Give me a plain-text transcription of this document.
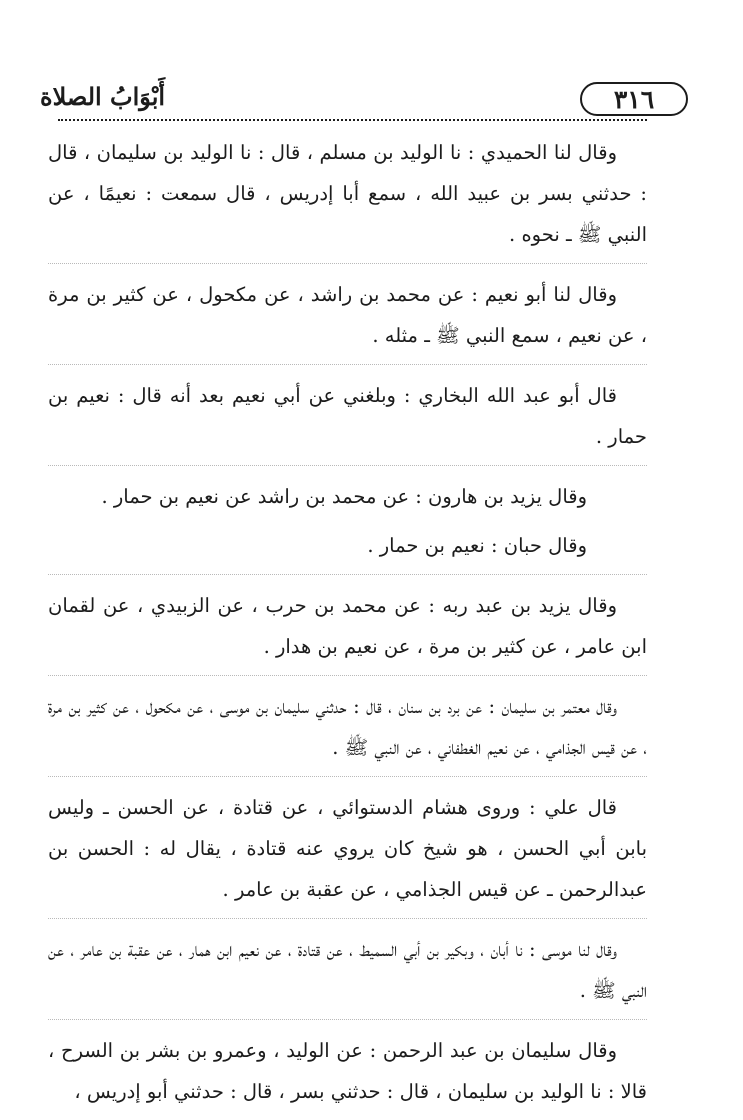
٣١٦
أَبْوَابُ الصلاة

وقال لنا الحميدي : نا الوليد بن مسلم ، قال : نا الوليد بن سليمان ، قال : حدثني بسر بن عبيد الله ، سمع أبا إدريس ، قال سمعت : نعيمًا ، عن النبي ﷺ ـ نحوه .

وقال لنا أبو نعيم : عن محمد بن راشد ، عن مكحول ، عن كثير بن مرة ، عن نعيم ، سمع النبي ﷺ ـ مثله .

قال أبو عبد الله البخاري : وبلغني عن أبي نعيم بعد أنه قال : نعيم بن حمار .

وقال يزيد بن هارون : عن محمد بن راشد عن نعيم بن حمار .

وقال حبان : نعيم بن حمار .

وقال يزيد بن عبد ربه : عن محمد بن حرب ، عن الزبيدي ، عن لقمان ابن عامر ، عن كثير بن مرة ، عن نعيم بن هدار .

وقال معتمر بن سليمان : عن برد بن سنان ، قال : حدثني سليمان بن موسى ، عن مكحول ، عن كثير بن مرة ، عن قيس الجذامي ، عن نعيم الغطفاني ، عن النبي ﷺ .

قال علي : وروى هشام الدستوائي ، عن قتادة ، عن الحسن ـ وليس بابن أبي الحسن ، هو شيخ كان يروي عنه قتادة ، يقال له : الحسن بن عبدالرحمن ـ عن قيس الجذامي ، عن عقبة بن عامر .

وقال لنا موسى : نا أبان ، وبكير بن أبي السميط ، عن قتادة ، عن نعيم ابن همار ، عن عقبة بن عامر ، عن النبي ﷺ .

وقال سليمان بن عبد الرحمن : عن الوليد ، وعمرو بن بشر بن السرح ، قالا : نا الوليد بن سليمان ، قال : حدثني بسر ، قال : حدثني أبو إدريس ،
